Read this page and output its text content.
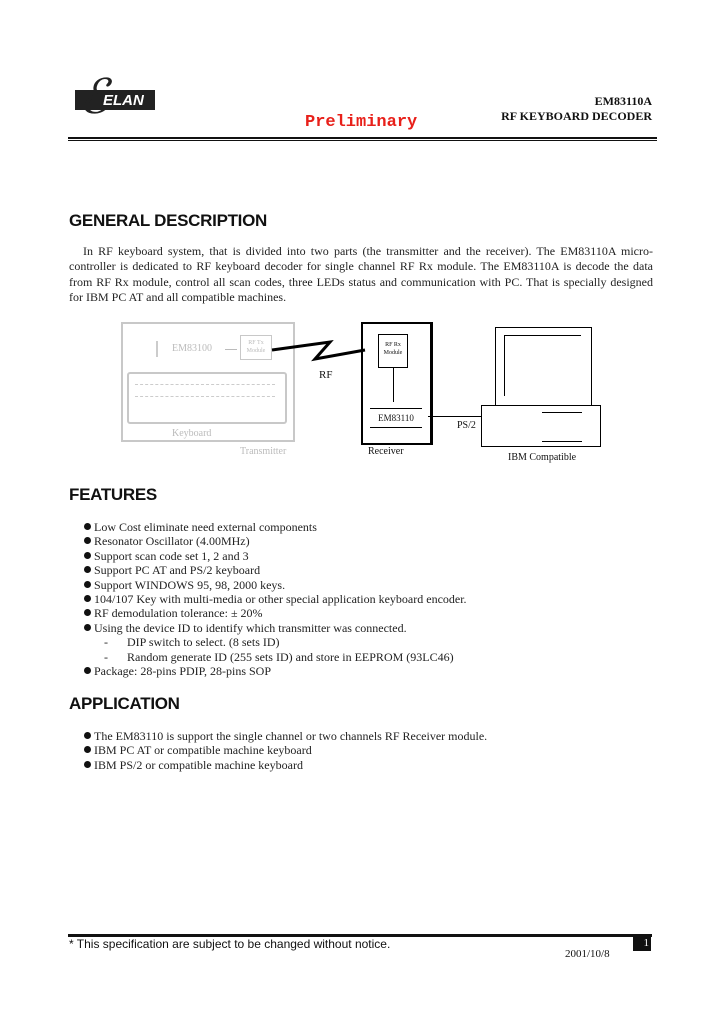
ELAN
ℰ	EM83110A
RF KEYBOARD DECODER
Preliminary
GENERAL DESCRIPTION
In RF keyboard system, that is divided into two parts (the transmitter and the receiver). The EM83110A micro-controller is dedicated to RF keyboard decoder for single channel RF Rx module. The EM83110A is decode the data from RF Rx module, control all scan codes, three LEDs status and communication with PC. That is specially designed for IBM PC AT and all compatible machines.
EM83100	RF Tx Module
Keyboard
Transmitter
RF
RF Rx Module
EM83110
Receiver
PS/2
IBM Compatible
FEATURES
Low Cost eliminate need external components
Resonator Oscillator (4.00MHz)
Support scan code set 1, 2 and 3
Support PC AT and PS/2 keyboard
Support WINDOWS 95, 98, 2000 keys.
104/107 Key with multi-media or other special application keyboard encoder.
RF demodulation tolerance: ± 20%
Using the device ID to identify which transmitter was connected.
- DIP switch to select. (8 sets ID)
- Random generate ID (255 sets ID) and store in EEPROM (93LC46)
Package: 28-pins PDIP, 28-pins SOP
APPLICATION
The EM83110 is support the single channel or two channels RF Receiver module.
IBM PC AT or compatible machine keyboard
IBM PS/2 or compatible machine keyboard
* This specification are subject to be changed without notice.
2001/10/8
1
